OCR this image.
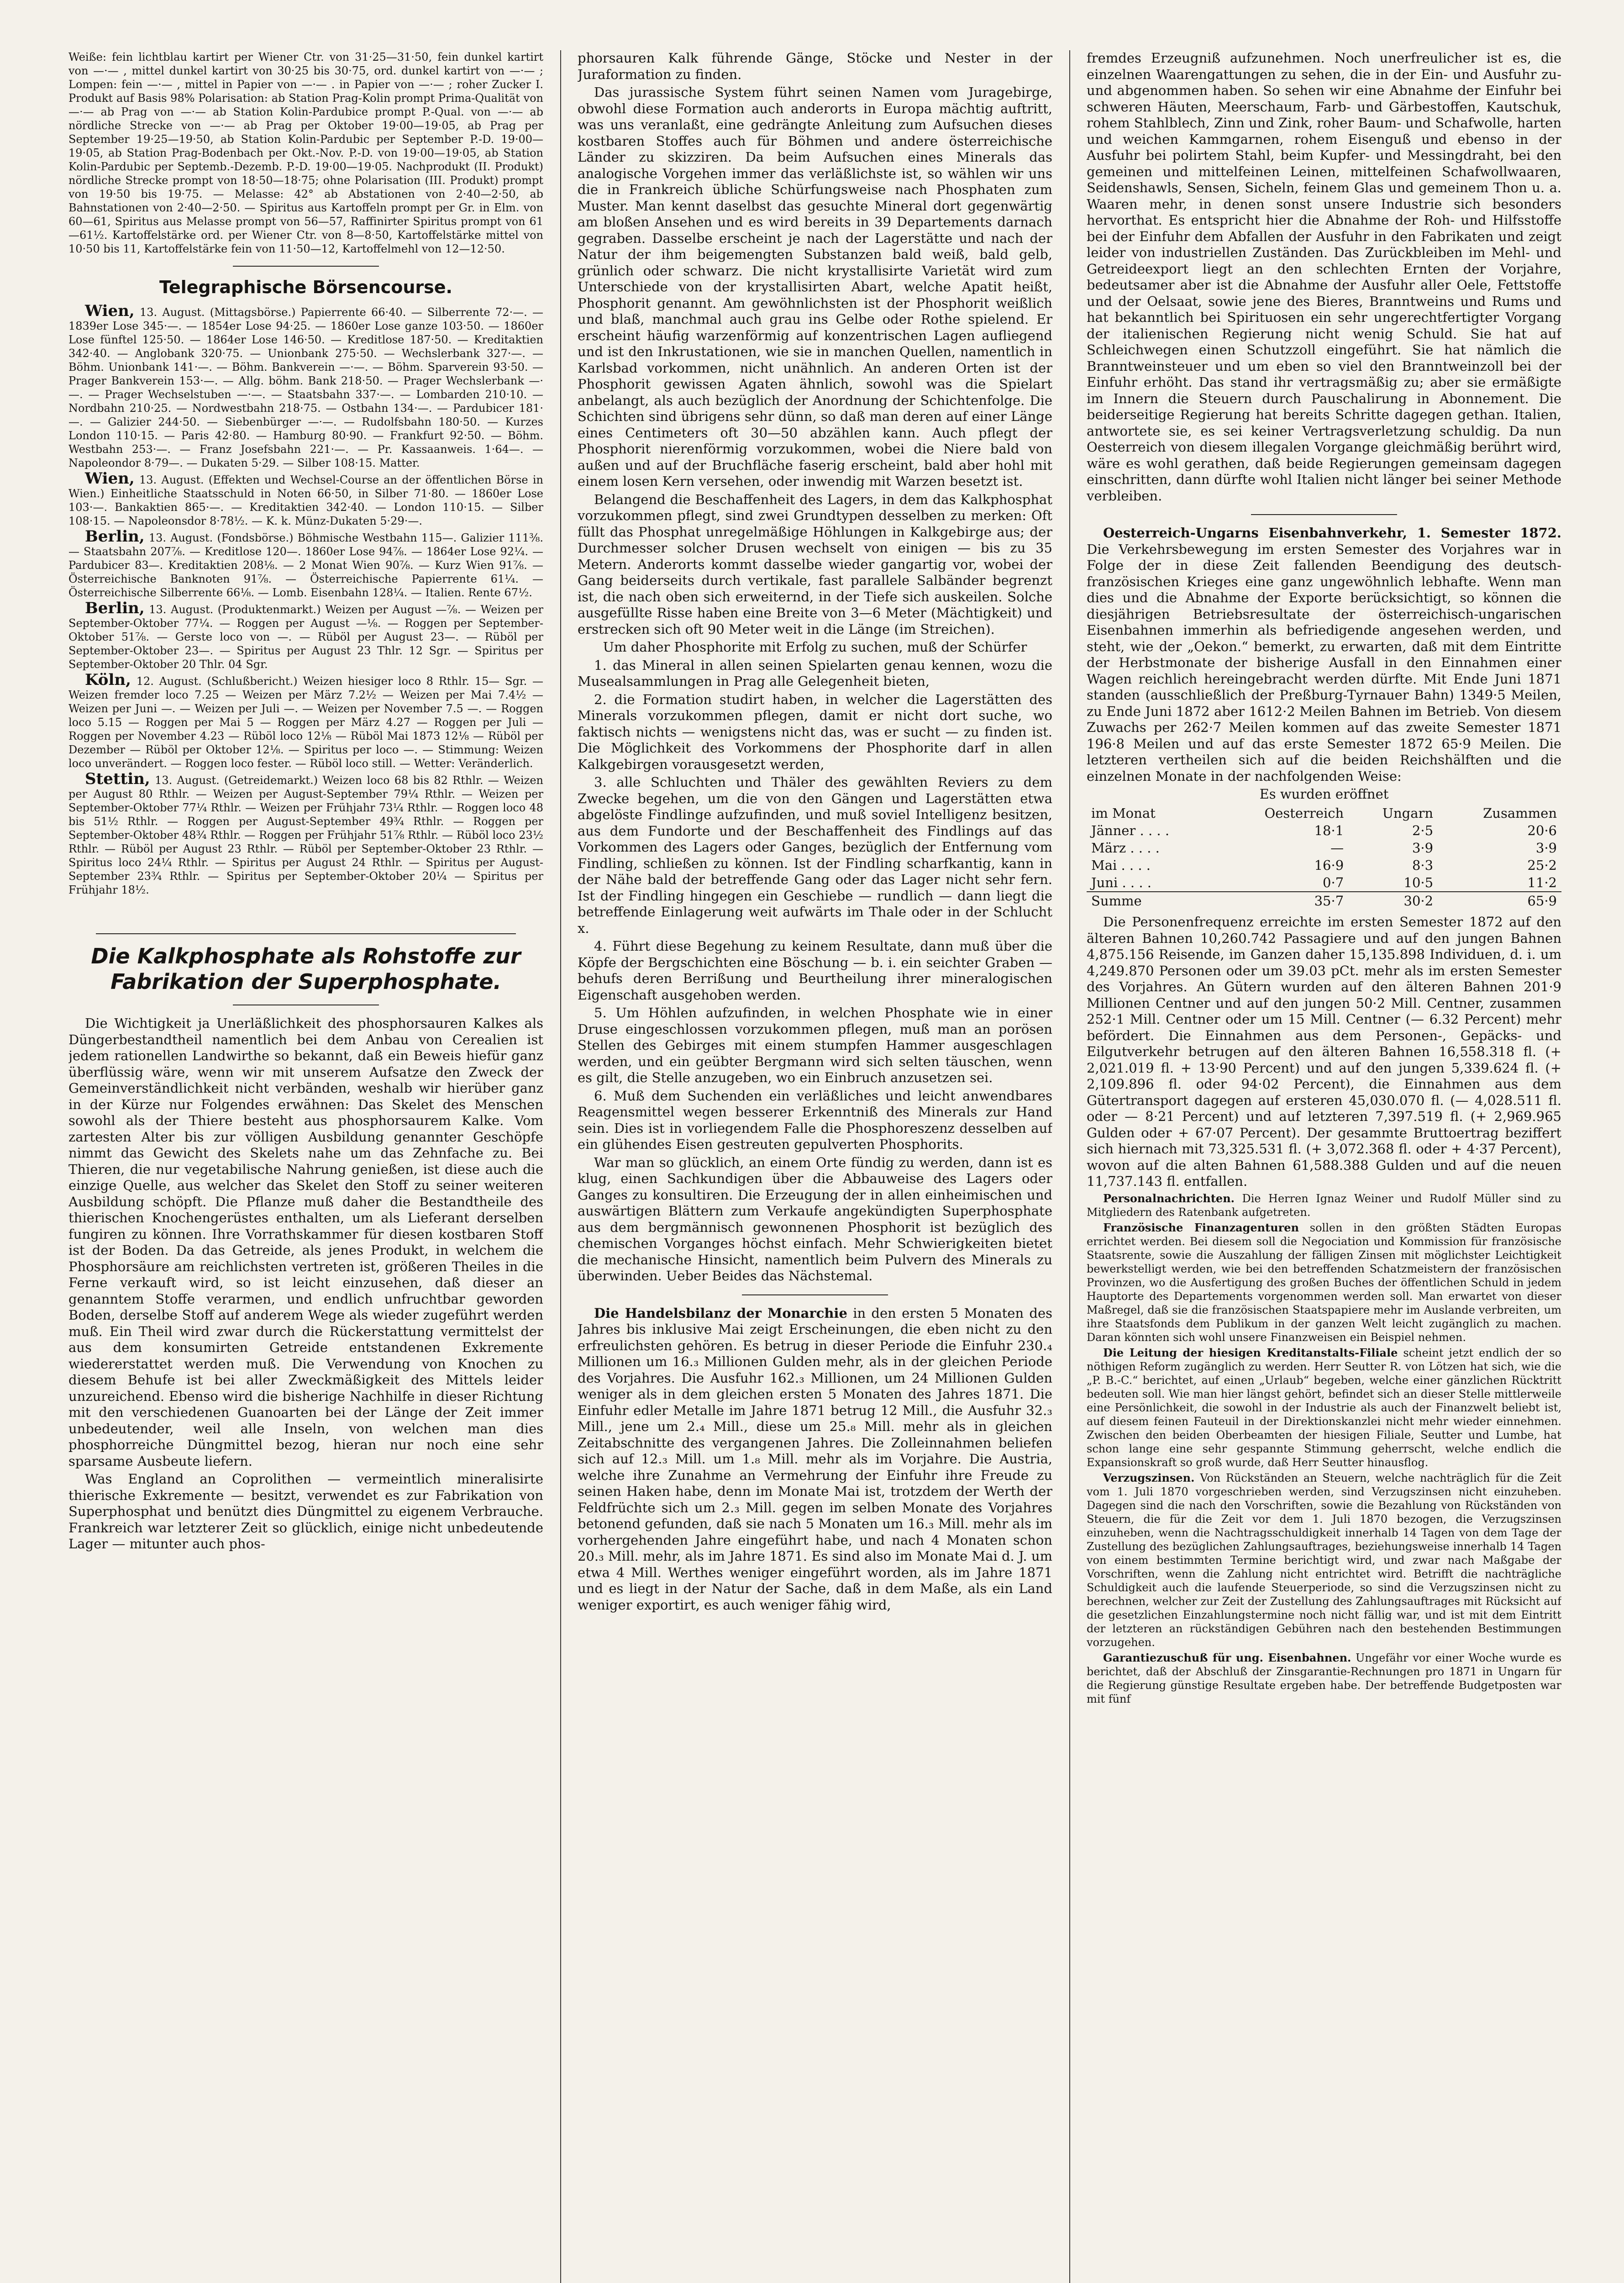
Weiße: fein lichtblau kartirt per Wiener Ctr. von 31·25—31·50, fein dunkel kartirt von —·— , mittel dunkel kartirt von 30·25 bis 30·75, ord. dunkel kartirt von —·— ; Lompen: fein —·— , mittel in Papier von —·— . in Papier von —·— ; roher Zucker I. Produkt auf Basis 98% Polarisation: ab Station Prag-Kolin prompt Prima-Qualität von —·— ab Prag von —·— ab Station Kolin-Pardubice prompt P.-Qual. von —·— ab nördliche Strecke von —·— ab Prag per Oktober 19·00—19·05, ab Prag per September 19·25—19·50, ab Station Kolin-Pardubic per September P.-D. 19·00—19·05, ab Station Prag-Bodenbach per Okt.-Nov. P.-D. von 19·00—19·05, ab Station Kolin-Pardubic per Septemb.-Dezemb. P.-D. 19·00—19·05. Nachprodukt (II. Produkt) nördliche Strecke prompt von 18·50—18·75; ohne Polarisation (III. Produkt) prompt von 19·50 bis 19·75. — Melasse: 42° ab Abstationen von 2·40—2·50, ab Bahnstationen von 2·40—2·50. — Spiritus aus Kartoffeln prompt per Gr. in Elm. von 60—61, Spiritus aus Melasse prompt von 56—57, Raffinirter Spiritus prompt von 61—61½. Kartoffelstärke ord. per Wiener Ctr. von 8—8·50, Kartoffelstärke mittel von 10·50 bis 11, Kartoffelstärke fein von 11·50—12, Kartoffelmehl von 12—12·50.

Telegraphische Börsencourse.

Wien, 13. August. (Mittagsbörse.) Papierrente 66·40. — Silberrente 72·—. — 1839er Lose 345·—. — 1854er Lose 94·25. — 1860er Lose ganze 103·50. — 1860er Lose fünftel 125·50. — 1864er Lose 146·50. — Kreditlose 187·50. — Kreditaktien 342·40. — Anglobank 320·75. — Unionbank 275·50. — Wechslerbank 327·—. — Böhm. Unionbank 141·—. — Böhm. Bankverein —·—. — Böhm. Sparverein 93·50. — Prager Bankverein 153·—. — Allg. böhm. Bank 218·50. — Prager Wechslerbank —·—. — Prager Wechselstuben —·—. — Staatsbahn 337·—. — Lombarden 210·10. — Nordbahn 210·25. — Nordwestbahn 218·75. — Ostbahn 134·—. — Pardubicer 181·—. — Galizier 244·50. — Siebenbürger —·—. — Rudolfsbahn 180·50. — Kurzes London 110·15. — Paris 42·80. — Hamburg 80·90. — Frankfurt 92·50. — Böhm. Westbahn 253·—. — Franz Josefsbahn 221·—. — Pr. Kassaanweis. 1·64—. — Napoleondor 8·79—. — Dukaten 5·29. — Silber 108·15. Matter.

Wien, 13. August. (Effekten und Wechsel-Course an der öffentlichen Börse in Wien.) Einheitliche Staatsschuld in Noten 66·50, in Silber 71·80. — 1860er Lose 103·—. Bankaktien 865·—. — Kreditaktien 342·40. — London 110·15. — Silber 108·15. — Napoleonsdor 8·78½. — K. k. Münz-Dukaten 5·29·—.

Berlin, 13. August. (Fondsbörse.) Böhmische Westbahn 115—. Galizier 111⅜. — Staatsbahn 207⅞. — Kreditlose 120—. 1860er Lose 94⅞. — 1864er Lose 92¼. — Pardubicer 83—. Kreditaktien 208⅛. — 2 Monat Wien 90⅞. — Kurz Wien 91⅞. — Österreichische Banknoten 91⅞. — Österreichische Papierrente 61¼. — Österreichische Silberrente 66⅛. — Lomb. Eisenbahn 128¼. — Italien. Rente 67½.

Berlin, 13. August. (Produktenmarkt.) Weizen per August —⅞. — Weizen per September-Oktober 77¼. — Roggen per August —⅛. — Roggen per September-Oktober 51⅞. — Gerste loco von —. — Rüböl per August 23—. — Rüböl per September-Oktober 23—. — Spiritus per August 23 Thlr. 12 Sgr. — Spiritus per September-Oktober 20 Thlr. 04 Sgr.

Köln, 12. August. (Schlußbericht.) Weizen hiesiger loco 8 Rthlr. 15— Sgr. — Weizen fremder loco 7.25 — Weizen per März 7.2½ — Weizen per Mai 7.4½ — Weizen per Juni —. — Weizen per Juli —. — Weizen per November 7.5 —. — Roggen loco 5.15 — Roggen per Mai 5 — Roggen per März 4.27 — Roggen per Juli — Roggen per November 4.23 — Rüböl loco 12⅛ — Rüböl Mai 1873 12⅛ — Rüböl per Dezember — Rüböl per Oktober 12⅛. — Spiritus per loco —. — Stimmung: Weizen loco unverändert. — Roggen loco fester. — Rüböl loco still. — Wetter: Veränderlich.

Stettin, 13. August. (Getreidemarkt.) Weizen loco 68 bis 82 Rthlr. — Weizen per August 80 Rthlr. — Weizen per August-September 79¼ Rthlr. — Weizen per September-Oktober 77¼ Rthlr. — Weizen per Frühjahr 73¼ Rthlr. — Roggen loco 48 bis 51½ Rthlr. — Roggen per August-September 49¾ Rthlr. — Roggen per September-Oktober 48¾ Rthlr. — Roggen per Frühjahr 51⅞ Rthlr. — Rüböl loco 23½ Rthlr. — Rüböl per August 23 Rthlr. — Rüböl per September-Oktober 23 Rthlr. — Spiritus loco 24¼ Rthlr. — Spiritus per August 24 Rthlr. — Spiritus per August-September 23¾ Rthlr. — Spiritus per September-Oktober 20¼ — Spiritus per Frühjahr 18½.

Die Kalkphosphate als Rohstoffe zur Fabrikation der Superphosphate.

Die Wichtigkeit ja Unerläßlichkeit des phosphorsauren Kalkes als Düngerbestandtheil namentlich bei dem Anbau von Cerealien ist jedem rationellen Landwirthe so bekannt, daß ein Beweis hiefür ganz überflüssig wäre, wenn wir mit unserem Aufsatze den Zweck der Gemeinverständlichkeit nicht verbänden, weshalb wir hierüber ganz in der Kürze nur Folgendes erwähnen: Das Skelet des Menschen sowohl als der Thiere besteht aus phosphorsaurem Kalke. Vom zartesten Alter bis zur völligen Ausbildung genannter Geschöpfe nimmt das Gewicht des Skelets nahe um das Zehnfache zu. Bei Thieren, die nur vegetabilische Nahrung genießen, ist diese auch die einzige Quelle, aus welcher das Skelet den Stoff zu seiner weiteren Ausbildung schöpft. Die Pflanze muß daher die Bestandtheile des thierischen Knochengerüstes enthalten, um als Lieferant derselben fungiren zu können. Ihre Vorrathskammer für diesen kostbaren Stoff ist der Boden. Da das Getreide, als jenes Produkt, in welchem die Phosphorsäure am reichlichsten vertreten ist, größeren Theiles in die Ferne verkauft wird, so ist leicht einzusehen, daß dieser an genanntem Stoffe verarmen, und endlich unfruchtbar geworden Boden, derselbe Stoff auf anderem Wege als wieder zugeführt werden muß. Ein Theil wird zwar durch die Rückerstattung vermittelst der aus dem konsumirten Getreide entstandenen Exkremente wiedererstattet werden muß. Die Verwendung von Knochen zu diesem Behufe ist bei aller Zweckmäßigkeit des Mittels leider unzureichend. Ebenso wird die bisherige Nachhilfe in dieser Richtung mit den verschiedenen Guanoarten bei der Länge der Zeit immer unbedeutender, weil alle Inseln, von welchen man dies phosphorreiche Düngmittel bezog, hieran nur noch eine sehr sparsame Ausbeute liefern.

Was England an Coprolithen — vermeintlich mineralisirte thierische Exkremente — besitzt, verwendet es zur Fabrikation von Superphosphat und benützt dies Düngmittel zu eigenem Verbrauche. Frankreich war letzterer Zeit so glücklich, einige nicht unbedeutende Lager — mitunter auch phos-

phorsauren Kalk führende Gänge, Stöcke und Nester in der Juraformation zu finden.

Das jurassische System führt seinen Namen vom Juragebirge, obwohl diese Formation auch anderorts in Europa mächtig auftritt, was uns veranlaßt, eine gedrängte Anleitung zum Aufsuchen dieses kostbaren Stoffes auch für Böhmen und andere österreichische Länder zu skizziren. Da beim Aufsuchen eines Minerals das analogische Vorgehen immer das verläßlichste ist, so wählen wir uns die in Frankreich übliche Schürfungsweise nach Phosphaten zum Muster. Man kennt daselbst das gesuchte Mineral dort gegenwärtig am bloßen Ansehen und es wird bereits in 39 Departements darnach gegraben. Dasselbe erscheint je nach der Lagerstätte und nach der Natur der ihm beigemengten Substanzen bald weiß, bald gelb, grünlich oder schwarz. Die nicht krystallisirte Varietät wird zum Unterschiede von der krystallisirten Abart, welche Apatit heißt, Phosphorit genannt. Am gewöhnlichsten ist der Phosphorit weißlich und blaß, manchmal auch grau ins Gelbe oder Rothe spielend. Er erscheint häufig warzenförmig auf konzentrischen Lagen aufliegend und ist den Inkrustationen, wie sie in manchen Quellen, namentlich in Karlsbad vorkommen, nicht unähnlich. An anderen Orten ist der Phosphorit gewissen Agaten ähnlich, sowohl was die Spielart anbelangt, als auch bezüglich der Anordnung der Schichtenfolge. Die Schichten sind übrigens sehr dünn, so daß man deren auf einer Länge eines Centimeters oft 30—50 abzählen kann. Auch pflegt der Phosphorit nierenförmig vorzukommen, wobei die Niere bald von außen und auf der Bruchfläche faserig erscheint, bald aber hohl mit einem losen Kern versehen, oder inwendig mit Warzen besetzt ist.

Belangend die Beschaffenheit des Lagers, in dem das Kalkphosphat vorzukommen pflegt, sind zwei Grundtypen desselben zu merken: Oft füllt das Phosphat unregelmäßige Höhlungen in Kalkgebirge aus; der Durchmesser solcher Drusen wechselt von einigen — bis zu 35 Metern. Anderorts kommt dasselbe wieder gangartig vor, wobei der Gang beiderseits durch vertikale, fast parallele Salbänder begrenzt ist, die nach oben sich erweiternd, in der Tiefe sich auskeilen. Solche ausgefüllte Risse haben eine Breite von 3—6 Meter (Mächtigkeit) und erstrecken sich oft 90 Meter weit in die Länge (im Streichen).

Um daher Phosphorite mit Erfolg zu suchen, muß der Schürfer

1. das Mineral in allen seinen Spielarten genau kennen, wozu die Musealsammlungen in Prag alle Gelegenheit bieten,

2. die Formation studirt haben, in welcher die Lagerstätten des Minerals vorzukommen pflegen, damit er nicht dort suche, wo faktisch nichts — wenigstens nicht das, was er sucht — zu finden ist. Die Möglichkeit des Vorkommens der Phosphorite darf in allen Kalkgebirgen vorausgesetzt werden,

3. alle Schluchten und Thäler des gewählten Reviers zu dem Zwecke begehen, um die von den Gängen und Lagerstätten etwa abgelöste Findlinge aufzufinden, und muß soviel Intelligenz besitzen, aus dem Fundorte und der Beschaffenheit des Findlings auf das Vorkommen des Lagers oder Ganges, bezüglich der Entfernung vom Findling, schließen zu können. Ist der Findling scharfkantig, kann in der Nähe bald der betreffende Gang oder das Lager nicht sehr fern. Ist der Findling hingegen ein Geschiebe — rundlich — dann liegt die betreffende Einlagerung weit aufwärts im Thale oder in der Schlucht x.

4. Führt diese Begehung zu keinem Resultate, dann muß über die Köpfe der Bergschichten eine Böschung — b. i. ein seichter Graben — behufs deren Berrißung und Beurtheilung ihrer mineralogischen Eigenschaft ausgehoben werden.

5. Um Höhlen aufzufinden, in welchen Phosphate wie in einer Druse eingeschlossen vorzukommen pflegen, muß man an porösen Stellen des Gebirges mit einem stumpfen Hammer ausgeschlagen werden, und ein geübter Bergmann wird sich selten täuschen, wenn es gilt, die Stelle anzugeben, wo ein Einbruch anzusetzen sei.

6. Muß dem Suchenden ein verläßliches und leicht anwendbares Reagensmittel wegen besserer Erkenntniß des Minerals zur Hand sein. Dies ist in vorliegendem Falle die Phosphoreszenz desselben auf ein glühendes Eisen gestreuten gepulverten Phosphorits.

War man so glücklich, an einem Orte fündig zu werden, dann ist es klug, einen Sachkundigen über die Abbauweise des Lagers oder Ganges zu konsultiren. Die Erzeugung der in allen einheimischen und auswärtigen Blättern zum Verkaufe angekündigten Superphosphate aus dem bergmännisch gewonnenen Phosphorit ist bezüglich des chemischen Vorganges höchst einfach. Mehr Schwierigkeiten bietet die mechanische Hinsicht, namentlich beim Pulvern des Minerals zu überwinden. Ueber Beides das Nächstemal.

Die Handelsbilanz der Monarchie in den ersten 5 Monaten des Jahres bis inklusive Mai zeigt Erscheinungen, die eben nicht zu den erfreulichsten gehören. Es betrug in dieser Periode die Einfuhr 230.₄ Millionen um 16.₃ Millionen Gulden mehr, als in der gleichen Periode des Vorjahres. Die Ausfuhr 162.₃ Millionen, um 24 Millionen Gulden weniger als in dem gleichen ersten 5 Monaten des Jahres 1871. Die Einfuhr edler Metalle im Jahre 1871 betrug 12 Mill., die Ausfuhr 32.₃ Mill., jene um 2.₄ Mill., diese um 25.₈ Mill. mehr als in gleichen Zeitabschnitte des vergangenen Jahres. Die Zolleinnahmen beliefen sich auf 12.₃ Mill. um 1.₈ Mill. mehr als im Vorjahre. Die Austria, welche ihre Zunahme an Vermehrung der Einfuhr ihre Freude zu seinen Haken habe, denn im Monate Mai ist, trotzdem der Werth der Feldfrüchte sich um 2.₃ Mill. gegen im selben Monate des Vorjahres betonend gefunden, daß sie nach 5 Monaten um 16.₃ Mill. mehr als im vorhergehenden Jahre eingeführt habe, und nach 4 Monaten schon 20.₃ Mill. mehr, als im Jahre 1871. Es sind also im Monate Mai d. J. um etwa 4 Mill. Werthes weniger eingeführt worden, als im Jahre 1871 und es liegt in der Natur der Sache, daß in dem Maße, als ein Land weniger exportirt, es auch weniger fähig wird,

fremdes Erzeugniß aufzunehmen. Noch unerfreulicher ist es, die einzelnen Waarengattungen zu sehen, die in der Ein- und Ausfuhr zu- und abgenommen haben. So sehen wir eine Abnahme der Einfuhr bei schweren Häuten, Meerschaum, Farb- und Gärbestoffen, Kautschuk, rohem Stahlblech, Zinn und Zink, roher Baum- und Schafwolle, harten und weichen Kammgarnen, rohem Eisenguß und ebenso in der Ausfuhr bei polirtem Stahl, beim Kupfer- und Messingdraht, bei den gemeinen und mittelfeinen Leinen, mittelfeinen Schafwollwaaren, Seidenshawls, Sensen, Sicheln, feinem Glas und gemeinem Thon u. a. Waaren mehr, in denen sonst unsere Industrie sich besonders hervorthat. Es entspricht hier die Abnahme der Roh- und Hilfsstoffe bei der Einfuhr dem Abfallen der Ausfuhr in den Fabrikaten und zeigt leider von industriellen Zuständen. Das Zurückbleiben im Mehl- und Getreideexport liegt an den schlechten Ernten der Vorjahre, bedeutsamer aber ist die Abnahme der Ausfuhr aller Oele, Fettstoffe und der Oelsaat, sowie jene des Bieres, Branntweins und Rums und hat bekanntlich bei Spirituosen ein sehr ungerechtfertigter Vorgang der italienischen Regierung nicht wenig Schuld. Sie hat auf Schleichwegen einen Schutzzoll eingeführt. Sie hat nämlich die Branntweinsteuer und um eben so viel den Branntweinzoll bei der Einfuhr erhöht. Das stand ihr vertragsmäßig zu; aber sie ermäßigte im Innern die Steuern durch Pauschalirung in Abonnement. Die beiderseitige Regierung hat bereits Schritte dagegen gethan. Italien, antwortete sie, es sei keiner Vertragsverletzung schuldig. Da nun Oesterreich von diesem illegalen Vorgange gleichmäßig berührt wird, wäre es wohl gerathen, daß beide Regierungen gemeinsam dagegen einschritten, dann dürfte wohl Italien nicht länger bei seiner Methode verbleiben.

Oesterreich-Ungarns Eisenbahnverkehr, 1. Semester 1872. Die Verkehrsbewegung im ersten Semester des Vorjahres war in Folge der in diese Zeit fallenden Beendigung des deutsch-französischen Krieges eine ganz ungewöhnlich lebhafte. Wenn man dies und die Abnahme der Exporte berücksichtigt, so können die diesjährigen Betriebsresultate der österreichisch-ungarischen Eisenbahnen immerhin als befriedigende angesehen werden, und steht, wie der „Oekon.“ bemerkt, zu erwarten, daß mit dem Eintritte der Herbstmonate der bisherige Ausfall in den Einnahmen einer Wagen reichlich hereingebracht werden dürfte. Mit Ende Juni 1871 standen (ausschließlich der Preßburg-Tyrnauer Bahn) 1349·5 Meilen, zu Ende Juni 1872 aber 1612·2 Meilen Bahnen im Betrieb. Von diesem Zuwachs per 262·7 Meilen kommen auf das zweite Semester 1871 196·8 Meilen und auf das erste Semester 1872 65·9 Meilen. Die letzteren vertheilen sich auf die beiden Reichshälften und die einzelnen Monate in der nachfolgenden Weise:

Es wurden eröffnet
im Monat	Oesterreich	Ungarn	Zusammen
Jänner . . . .	18·1	2·5	20·6
März . . . .	—	3·9	3·9
Mai . . . .	16·9	8·3	25·2
Juni . . . .	0·7	10·5	11·2
Summe	35·7	30·2	65·9

Die Personenfrequenz erreichte im ersten Semester 1872 auf den älteren Bahnen 10,260.742 Passagiere und auf den jungen Bahnen 4,875.156 Reisende, im Ganzen daher 15,135.898 Individuen, d. i. um 4,249.870 Personen oder um 39.03 pCt. mehr als im ersten Semester des Vorjahres. An Gütern wurden auf den älteren Bahnen 201·9 Millionen Centner und auf den jungen 50·2 Mill. Centner, zusammen 252·1 Mill. Centner oder um 15 Mill. Centner (— 6.32 Percent) mehr befördert. Die Einnahmen aus dem Personen-, Gepäcks- und Eilgutverkehr betrugen auf den älteren Bahnen 16,558.318 fl. (+ 2,021.019 fl. + 13·90 Percent) und auf den jungen 5,339.624 fl. (+ 2,109.896 fl. oder 94·02 Percent), die Einnahmen aus dem Gütertransport dagegen auf ersteren 45,030.070 fl. (— 4,028.511 fl. oder — 8·21 Percent) und auf letzteren 7,397.519 fl. (+ 2,969.965 Gulden oder + 67·07 Percent). Der gesammte Bruttoertrag beziffert sich hiernach mit 73,325.531 fl. (+ 3,072.368 fl. oder + 4·37 Percent), wovon auf die alten Bahnen 61,588.388 Gulden und auf die neuen 11,737.143 fl. entfallen.

Personalnachrichten. Die Herren Ignaz Weiner und Rudolf Müller sind zu Mitgliedern des Ratenbank aufgetreten.

Französische Finanzagenturen sollen in den größten Städten Europas errichtet werden. Bei diesem soll die Negociation und Kommission für französische Staatsrente, sowie die Auszahlung der fälligen Zinsen mit möglichster Leichtigkeit bewerkstelligt werden, wie bei den betreffenden Schatzmeistern der französischen Provinzen, wo die Ausfertigung des großen Buches der öffentlichen Schuld in jedem Hauptorte des Departements vorgenommen werden soll. Man erwartet von dieser Maßregel, daß sie die französischen Staatspapiere mehr im Auslande verbreiten, um ihre Staatsfonds dem Publikum in der ganzen Welt leicht zugänglich zu machen. Daran könnten sich wohl unsere Finanzweisen ein Beispiel nehmen.

Die Leitung der hiesigen Kreditanstalts-Filiale scheint jetzt endlich der so nöthigen Reform zugänglich zu werden. Herr Seutter R. von Lötzen hat sich, wie die „P. B.-C.“ berichtet, auf einen „Urlaub“ begeben, welche einer gänzlichen Rücktritt bedeuten soll. Wie man hier längst gehört, befindet sich an dieser Stelle mittlerweile eine Persönlichkeit, die sowohl in der Industrie als auch der Finanzwelt beliebt ist, auf diesem feinen Fauteuil in der Direktionskanzlei nicht mehr wieder einnehmen. Zwischen den beiden Oberbeamten der hiesigen Filiale, Seutter und Lumbe, hat schon lange eine sehr gespannte Stimmung geherrscht, welche endlich die Expansionskraft so groß wurde, daß Herr Seutter hinausflog.

Verzugszinsen. Von Rückständen an Steuern, welche nachträglich für die Zeit vom 1. Juli 1870 vorgeschrieben werden, sind Verzugszinsen nicht einzuheben. Dagegen sind die nach den Vorschriften, sowie die Bezahlung von Rückständen von Steuern, die für die Zeit vor dem 1. Juli 1870 bezogen, die Verzugszinsen einzuheben, wenn die Nachtragsschuldigkeit innerhalb 14 Tagen von dem Tage der Zustellung des bezüglichen Zahlungsauftrages, beziehungsweise innerhalb 14 Tagen von einem bestimmten Termine berichtigt wird, und zwar nach Maßgabe der Vorschriften, wenn die Zahlung nicht entrichtet wird. Betrifft die nachträgliche Schuldigkeit auch die laufende Steuerperiode, so sind die Verzugszinsen nicht zu berechnen, welcher zur Zeit der Zustellung des Zahlungsauftrages mit Rücksicht auf die gesetzlichen Einzahlungstermine noch nicht fällig war, und ist mit dem Eintritt der letzteren an rückständigen Gebühren nach den bestehenden Bestimmungen vorzugehen.

Garantiezuschuß für ung. Eisenbahnen. Ungefähr vor einer Woche wurde es berichtet, daß der Abschluß der Zinsgarantie-Rechnungen pro 1871 in Ungarn für die Regierung günstige Resultate ergeben habe. Der betreffende Budgetposten war mit fünf
